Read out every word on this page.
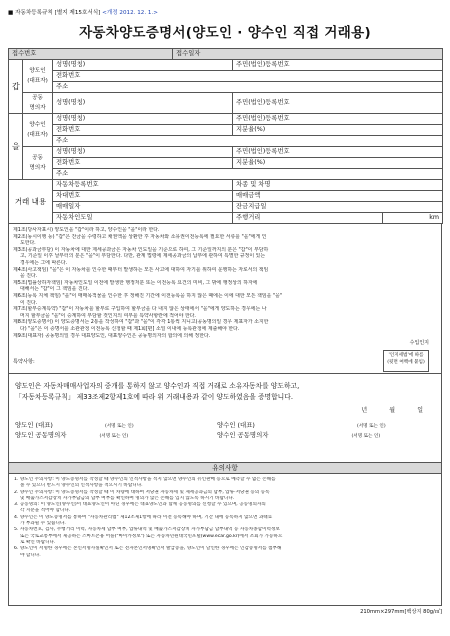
■ 자동차등록규칙 [별지 제15호서식] <개정 2012. 12. 1.>
자동차양도증명서(양도인 · 양수인 직접 거래용)
접수번호			접수일자		
갑	양도인
(대표자)	성명(명칭)		주민(법인)등록번호	
		전화번호			
		주소			
	공동
명의자	성명(명칭)		주민(법인)등록번호	
을	양수인
(대표자)	성명(명칭)		주민(법인)등록번호	
		전화번호		지분율(%)	
		주소			
	공동
명의자	성명(명칭)		주민(법인)등록번호	
		전화번호		지분율(%)	
		주소			
거래 내용		자동차등록번호		차종 및 차명	
		차대번호		매매금액	
		매매일자		잔금지급일	
		자동차인도일		주행거리	km

제1조(당사자표시) 양도인을 "갑"이라 하고, 양수인을 "을"이라 한다.

제2조(동시이행 등) "갑"은 잔금을 수령하고 채권액을 상환한 후 자동차와 소유권이전등록에 필요한 서류를 "을"에게 인

도한다.

제3조(공과금부담) 이 자동차에 대한 제세공과금은 자동차 인도일을 기준으로 하여, 그 기준일까지의 분은 "갑"이 부담하

고, 기준일 이후 날부터의 분은 "을"이 부담한다. 다만, 관계 법령에 제세공과금의 납부에 관하여 특별한 규정이 있는

경우에는 그에 따른다.

제4조(사고책임) "을"은 이 자동차를 인수한 때부터 발생하는 모든 사고에 대하여 자기를 위하여 운행하는 자로서의 책임

을 진다.

제5조(법률상하자책임) 자동차인도일 이전에 발생한 행정처분 또는 이전등록 요건의 미비, 그 밖에 행정상의 하자에

대해서는 "갑"이 그 책임을 진다.

제6조(등록 지체 책임) "을"이 매매목적물을 인수한 후 정해진 기간에 이전등록을 하지 않은 때에는 이에 대한 모든 책임을 "을"

이 진다.

제7조(할부승계특약) "갑"이 자동차를 할부로 구입하여 할부금을 다 내지 않은 상태에서 "을"에게 양도하는 경우에는 나

머지 할부금을 "을"이 승계하여 부담할 것인지의 여부를 특약사항란에 적어야 한다.

제8조(양도증명서) 이 양도증명서는 2통을 작성하여 "갑"과 "을"이 각각 1통씩 지니고(공동명의일 경우 제표자가 소지한

다) "을"은 이 증명서를 소관관청 이전등록 신청할 때 제1회[편] 소일 이내에 등록관청에 제출해야 한다.

제9조(대표자) 공동명의일 경우 대표양도인, 대표양수인은 공동명의자의 합의에 의해 정한다.

수입인지
특약사항:
'인지세법'에 따름
(뒷면 여백에 붙임)
양도인은 자동차매매사업자의 중개를 통하지 않고 양수인과 직접 거래로 소유자동차를 양도하고,
「자동차등록규칙」 제33조제2항제1호에 따라 위 거래내용과 같이 양도하였음을 증명합니다.
년	월	일
양도인 (대표)	(서명 또는 인)
양도인 공동명의자	(서명 또는 인)
양수인 (대표)	(서명 또는 인)
양수인 공동명의자	(서명 또는 인)
유의사항

1. 양도인 주의사항: 이 양도증명서를 작성할 때 양수인의 인적사항을 적지 않으면 양수인의 유인판매 등으로 예측할 수 없는 손해를

볼 수 있으니 반드시 양수인의 인적사항을 적으시기 바랍니다.

2. 양수인 주의사항: 이 양도증명서를 작성할 때 이 차량에 대하여 저당권 자동차세 및 제세공과금의 납부, 압류·저당권 등의 등록

및 배출가스저감장치 자가부담금의 납부 여부를 확인하여 명의가 않은 손해를 입지 않도록 하시기 바랍니다.

3. 공동명의: 이 양도인(양수인)이 대표양도인이 아닌 경우에는 대표양도인과 함께 공동명의를 신청할 수 있으며, 공동명의자의

각 지분을 적어야 합니다.

4. 양수인은 이 양도증명서를 통하여 "자동차관리법" 제12조제1항에 따라 이전 등록해야 하며, 기간 내에 등록하지 않으면 과태료

가 부과될 수 있습니다.

5. 자동차번호, 검사, 주행거리 이력, 자동차세 납부 여부, 압류내역 및 배출가스저감장치 자가부담금 납부내역 등 자동차종합이력정보

또는 국토교통부에서 제공하는 스마트폰용 어플("마이카정보") 또는 자동차민원대국민포털(www.ecar.go.kr)에서 조회가 가능하으

로 확인 바랍니다.

6. 양도인이 서명한 경우에는 본인서명사실확인서 또는 전자본인서명확인서 발급증을, 양도인이 날인한 경우에는 인감증명서를 첨부해

야 합니다.

210mm×297mm[백상지 80g/㎡]
